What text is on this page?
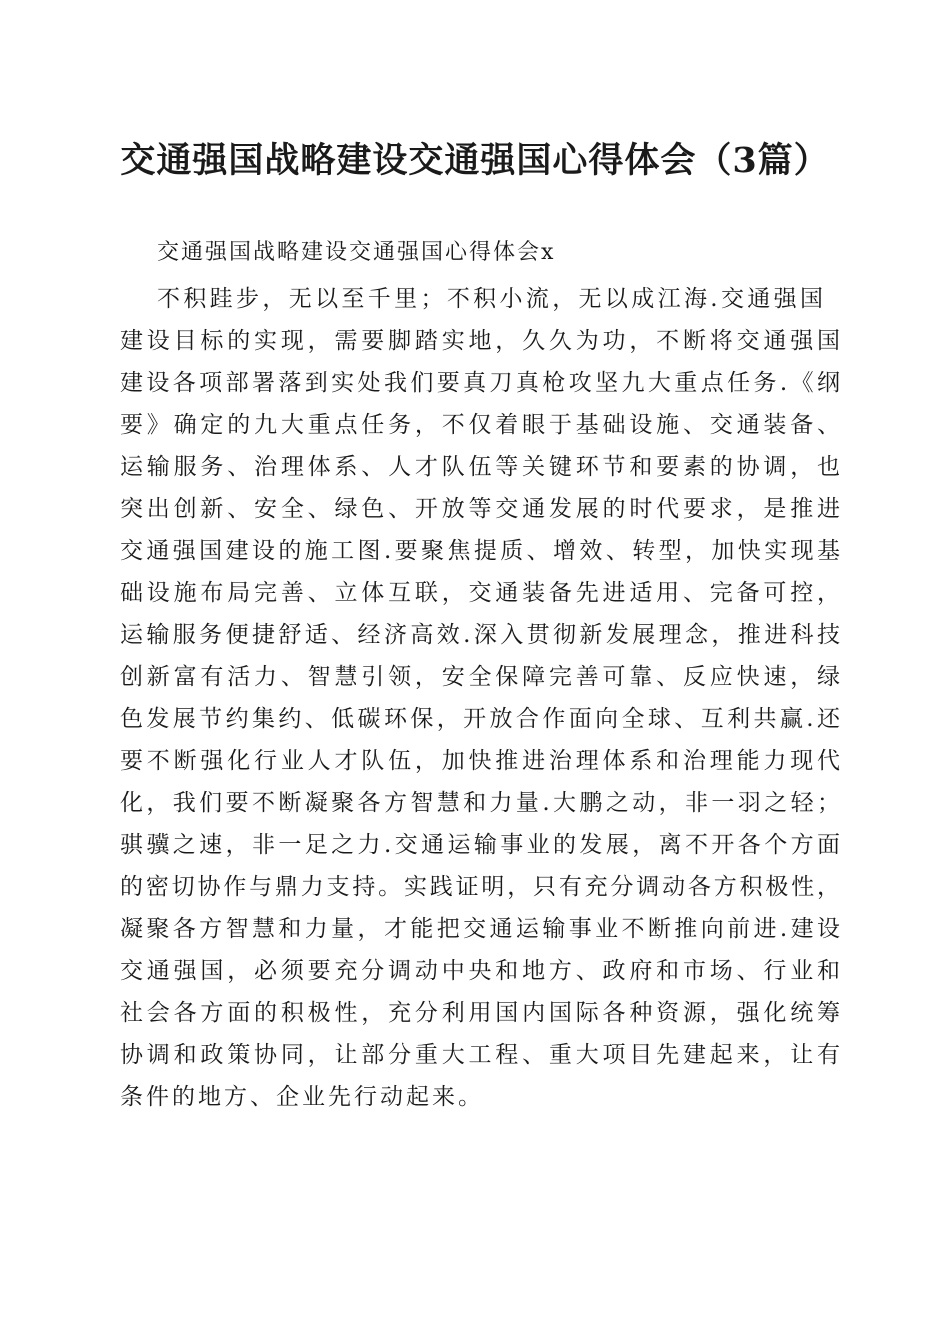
交通强国战略建设交通强国心得体会（3篇）
交通强国战略建设交通强国心得体会x
不积跬步，无以至千里；不积小流，无以成江海.交通强国
建设目标的实现，需要脚踏实地，久久为功，不断将交通强国
建设各项部署落到实处我们要真刀真枪攻坚九大重点任务.《纲
要》确定的九大重点任务，不仅着眼于基础设施、交通装备、
运输服务、治理体系、人才队伍等关键环节和要素的协调，也
突出创新、安全、绿色、开放等交通发展的时代要求，是推进
交通强国建设的施工图.要聚焦提质、增效、转型，加快实现基
础设施布局完善、立体互联，交通装备先进适用、完备可控，
运输服务便捷舒适、经济高效.深入贯彻新发展理念，推进科技
创新富有活力、智慧引领，安全保障完善可靠、反应快速，绿
色发展节约集约、低碳环保，开放合作面向全球、互利共赢.还
要不断强化行业人才队伍，加快推进治理体系和治理能力现代
化，我们要不断凝聚各方智慧和力量.大鹏之动，非一羽之轻；
骐骥之速，非一足之力.交通运输事业的发展，离不开各个方面
的密切协作与鼎力支持。实践证明，只有充分调动各方积极性，
凝聚各方智慧和力量，才能把交通运输事业不断推向前进.建设
交通强国，必须要充分调动中央和地方、政府和市场、行业和
社会各方面的积极性，充分利用国内国际各种资源，强化统筹
协调和政策协同，让部分重大工程、重大项目先建起来，让有
条件的地方、企业先行动起来。
